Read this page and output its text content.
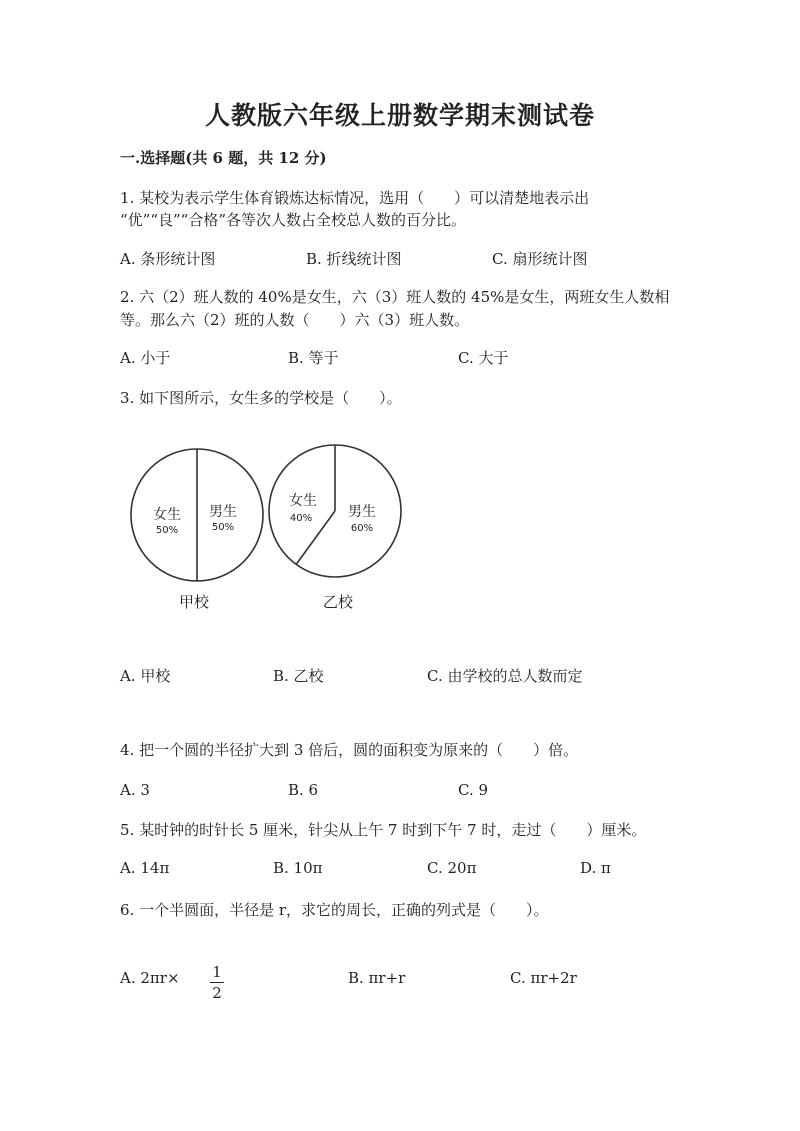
人教版六年级上册数学期末测试卷
一.选择题(共 6 题，共 12 分)
1. 某校为表示学生体育锻炼达标情况，选用（　　）可以清楚地表示出
“优”“良”“合格”各等次人数占全校总人数的百分比。
A. 条形统计图	B. 折线统计图	C. 扇形统计图
2. 六（2）班人数的 40%是女生，六（3）班人数的 45%是女生，两班女生人数相
等。那么六（2）班的人数（　　）六（3）班人数。
A. 小于	B. 等于	C. 大于
3. 如下图所示，女生多的学校是（　　）。
女生
50%
男生
50%
甲校
女生
40%	男生
60%
乙校
A. 甲校	B. 乙校	C. 由学校的总人数而定
4. 把一个圆的半径扩大到 3 倍后，圆的面积变为原来的（　　）倍。
A. 3	B. 6	C. 9
5. 某时钟的时针长 5 厘米，针尖从上午 7 时到下午 7 时，走过（　　）厘米。
A. 14π	B. 10π	C. 20π	D. π
6. 一个半圆面，半径是 r，求它的周长，正确的列式是（　　）。
A. 2πr× 1
2
B. πr+r	C. πr+2r
